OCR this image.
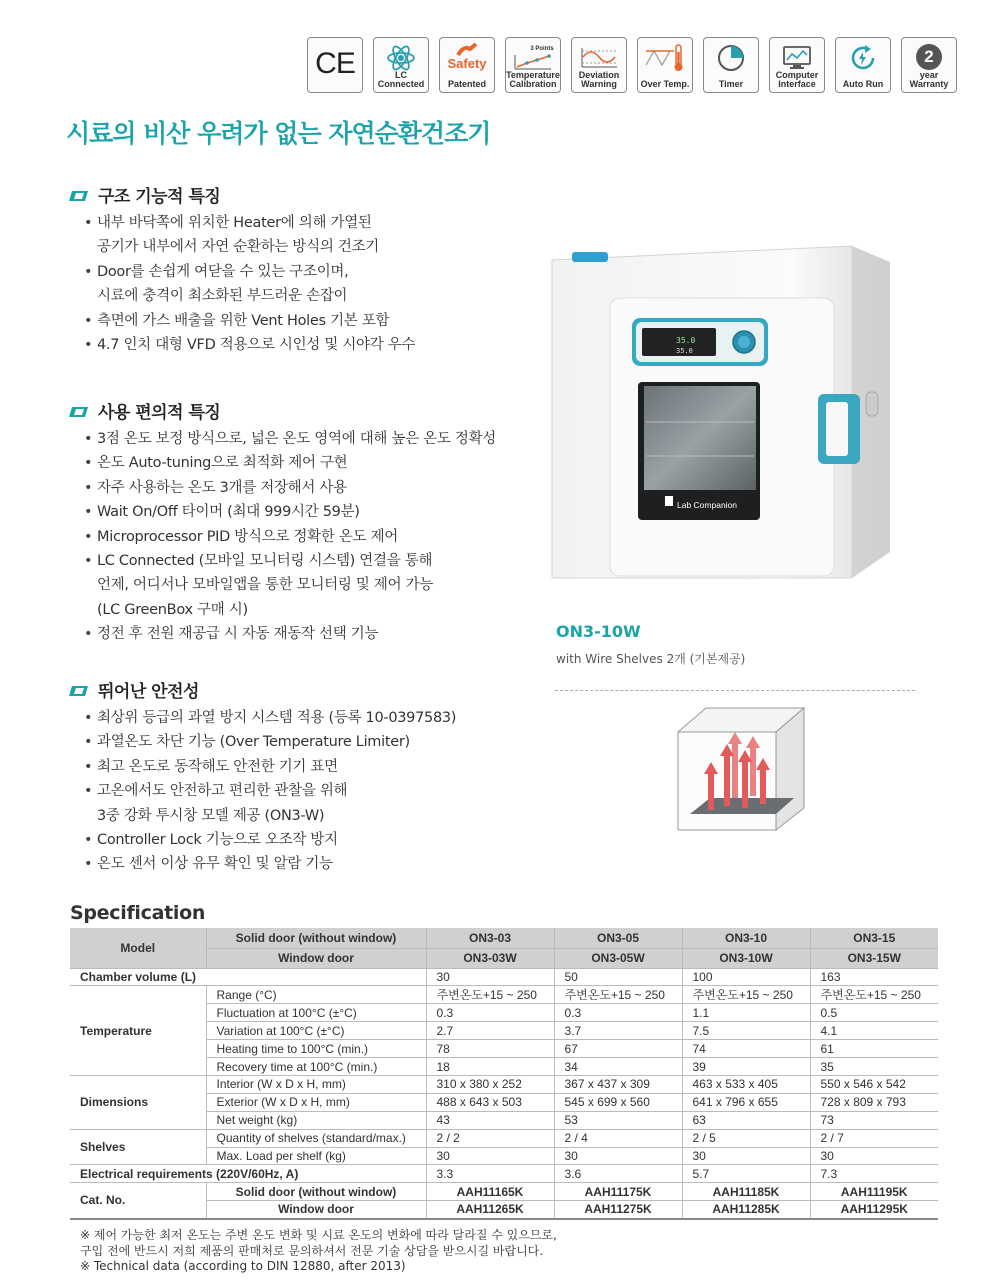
CE	LC
Connected
Safety
Patented
3 Points
Temperature
Calibration
Deviation
Warning	Over Temp.	Timer
Computer
Interface	Auto Run
2
year
Warranty
시료의 비산 우려가 없는 자연순환건조기
구조 기능적 특징
• 내부 바닥쪽에 위치한 Heater에 의해 가열된
공기가 내부에서 자연 순환하는 방식의 건조기
• Door를 손쉽게 여닫을 수 있는 구조이며,
시료에 충격이 최소화된 부드러운 손잡이
• 측면에 가스 배출을 위한 Vent Holes 기본 포함
• 4.7 인치 대형 VFD 적용으로 시인성 및 시야각 우수
사용 편의적 특징
• 3점 온도 보정 방식으로, 넓은 온도 영역에 대해 높은 온도 정확성
• 온도 Auto-tuning으로 최적화 제어 구현
• 자주 사용하는 온도 3개를 저장해서 사용
• Wait On/Off 타이머 (최대 999시간 59분)
• Microprocessor PID 방식으로 정확한 온도 제어
• LC Connected (모바일 모니터링 시스템) 연결을 통해
언제, 어디서나 모바일앱을 통한 모니터링 및 제어 가능
(LC GreenBox 구매 시)
• 정전 후 전원 재공급 시 자동 재동작 선택 기능
뛰어난 안전성
• 최상위 등급의 과열 방지 시스템 적용 (등록 10-0397583)
• 과열온도 차단 기능 (Over Temperature Limiter)
• 최고 온도로 동작해도 안전한 기기 표면
• 고온에서도 안전하고 편리한 관찰을 위해
3중 강화 투시창 모델 제공 (ON3-W)
• Controller Lock 기능으로 오조작 방지
• 온도 센서 이상 유무 확인 및 알람 기능
35.0
35.0
Lab Companion
ON3-10W
with Wire Shelves 2개 (기본제공)
Specification
Model	Solid door (without window)	ON3-03	ON3-05	ON3-10	ON3-15
	Window door	ON3-03W	ON3-05W	ON3-10W	ON3-15W
Chamber volume (L)		30	50	100	163
Temperature	Range (°C)	주변온도+15 ~ 250	주변온도+15 ~ 250	주변온도+15 ~ 250	주변온도+15 ~ 250
	Fluctuation at 100°C (±°C)	0.3	0.3	1.1	0.5
	Variation at 100°C (±°C)	2.7	3.7	7.5	4.1
	Heating time to 100°C (min.)	78	67	74	61
	Recovery time at 100°C (min.)	18	34	39	35
Dimensions	Interior (W x D x H, mm)	310 x 380 x 252	367 x 437 x 309	463 x 533 x 405	550 x 546 x 542
	Exterior (W x D x H, mm)	488 x 643 x 503	545 x 699 x 560	641 x 796 x 655	728 x 809 x 793
	Net weight (kg)	43	53	63	73
Shelves	Quantity of shelves (standard/max.)	2 / 2	2 / 4	2 / 5	2 / 7
	Max. Load per shelf (kg)	30	30	30	30
Electrical requirements (220V/60Hz, A)		3.3	3.6	5.7	7.3
Cat. No.	Solid door (without window)	AAH11165K	AAH11175K	AAH11185K	AAH11195K
	Window door	AAH11265K	AAH11275K	AAH11285K	AAH11295K
※ 제어 가능한 최저 온도는 주변 온도 변화 및 시료 온도의 변화에 따라 달라질 수 있으므로,
구입 전에 반드시 저희 제품의 판매처로 문의하셔서 전문 기술 상담을 받으시길 바랍니다.
※ Technical data (according to DIN 12880, after 2013)
